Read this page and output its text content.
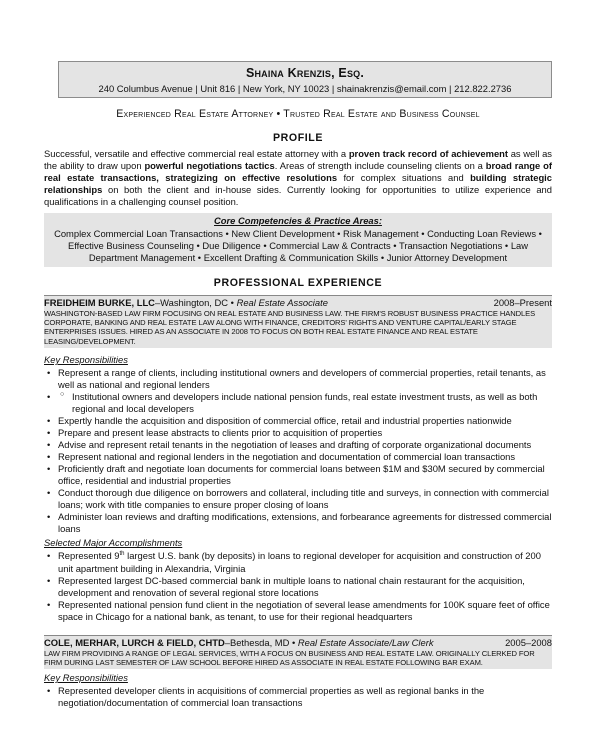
Shaina Krenzis, Esq.
240 Columbus Avenue | Unit 816 | New York, NY 10023 | shainakrenzis@email.com | 212.822.2736
Experienced Real Estate Attorney • Trusted Real Estate and Business Counsel
PROFILE
Successful, versatile and effective commercial real estate attorney with a proven track record of achievement as well as the ability to draw upon powerful negotiations tactics. Areas of strength include counseling clients on a broad range of real estate transactions, strategizing on effective resolutions for complex situations and building strategic relationships on both the client and in-house sides. Currently looking for opportunities to utilize experience and qualifications in a challenging counsel position.
Core Competencies & Practice Areas:
Complex Commercial Loan Transactions • New Client Development • Risk Management • Conducting Loan Reviews • Effective Business Counseling • Due Diligence • Commercial Law & Contracts • Transaction Negotiations • Law Department Management • Excellent Drafting & Communication Skills • Junior Attorney Development
PROFESSIONAL EXPERIENCE
FREIDHEIM BURKE, LLC–Washington, DC • Real Estate Associate	2008–Present
WASHINGTON-BASED LAW FIRM FOCUSING ON REAL ESTATE AND BUSINESS LAW. THE FIRM'S ROBUST BUSINESS PRACTICE HANDLES CORPORATE, BANKING AND REAL ESTATE LAW ALONG WITH FINANCE, CREDITORS' RIGHTS AND VENTURE CAPITAL/EARLY STAGE ENTERPRISES ISSUES. HIRED AS AN ASSOCIATE IN 2008 TO FOCUS ON BOTH REAL ESTATE FINANCE AND REAL ESTATE LEASING/DEVELOPMENT.
Key Responsibilities
• Represent a range of clients, including institutional owners and developers of commercial properties, retail tenants, as well as national and regional lenders
○ • Institutional owners and developers include national pension funds, real estate investment trusts, as well as both regional and local developers
• Expertly handle the acquisition and disposition of commercial office, retail and industrial properties nationwide
• Prepare and present lease abstracts to clients prior to acquisition of properties
• Advise and represent retail tenants in the negotiation of leases and drafting of corporate organizational documents
• Represent national and regional lenders in the negotiation and documentation of commercial loan transactions
• Proficiently draft and negotiate loan documents for commercial loans between $1M and $30M secured by commercial office, residential and industrial properties
• Conduct thorough due diligence on borrowers and collateral, including title and surveys, in connection with commercial loans; work with title companies to ensure proper closing of loans
• Administer loan reviews and drafting modifications, extensions, and forbearance agreements for distressed commercial loans
Selected Major Accomplishments
• Represented 9th largest U.S. bank (by deposits) in loans to regional developer for acquisition and construction of 200 unit apartment building in Alexandria, Virginia
• Represented largest DC-based commercial bank in multiple loans to national chain restaurant for the acquisition, development and renovation of several regional store locations
• Represented national pension fund client in the negotiation of several lease amendments for 100K square feet of office space in Chicago for a national bank, as tenant, to use for their regional headquarters
COLE, MERHAR, LURCH & FIELD, CHTD–Bethesda, MD • Real Estate Associate/Law Clerk	2005–2008
LAW FIRM PROVIDING A RANGE OF LEGAL SERVICES, WITH A FOCUS ON BUSINESS AND REAL ESTATE LAW. ORIGINALLY CLERKED FOR FIRM DURING LAST SEMESTER OF LAW SCHOOL BEFORE HIRED AS ASSOCIATE IN REAL ESTATE FOLLOWING BAR EXAM.
Key Responsibilities
• Represented developer clients in acquisitions of commercial properties as well as regional banks in the negotiation/documentation of commercial loan transactions
